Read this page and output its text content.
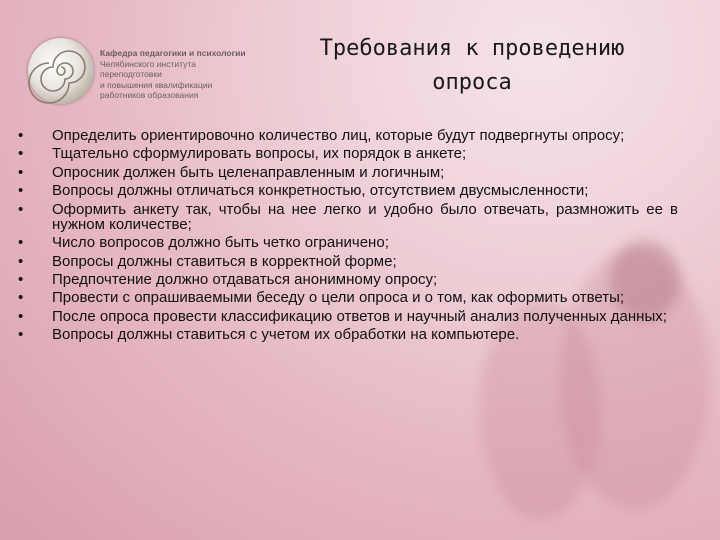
Кафедра педагогики и психологии
Челябинского института переподготовки
и повышения квалификации
работников образования
Требования к проведению
опроса
•	Определить ориентировочно количество лиц, которые будут подвергнуты опросу;
•	Тщательно сформулировать вопросы, их порядок в анкете;
•	Опросник должен быть целенаправленным и логичным;
•	Вопросы должны отличаться конкретностью, отсутствием двусмысленности;
•	Оформить анкету так, чтобы на нее легко и удобно было отвечать, размножить ее в нужном количестве;
•	Число вопросов должно быть четко ограничено;
•	Вопросы должны ставиться в корректной форме;
•	Предпочтение должно отдаваться анонимному опросу;
•	Провести с опрашиваемыми беседу о цели опроса и о том, как оформить ответы;
•	После опроса провести классификацию ответов и научный анализ полученных данных;
•	Вопросы должны ставиться с учетом их обработки на компьютере.
